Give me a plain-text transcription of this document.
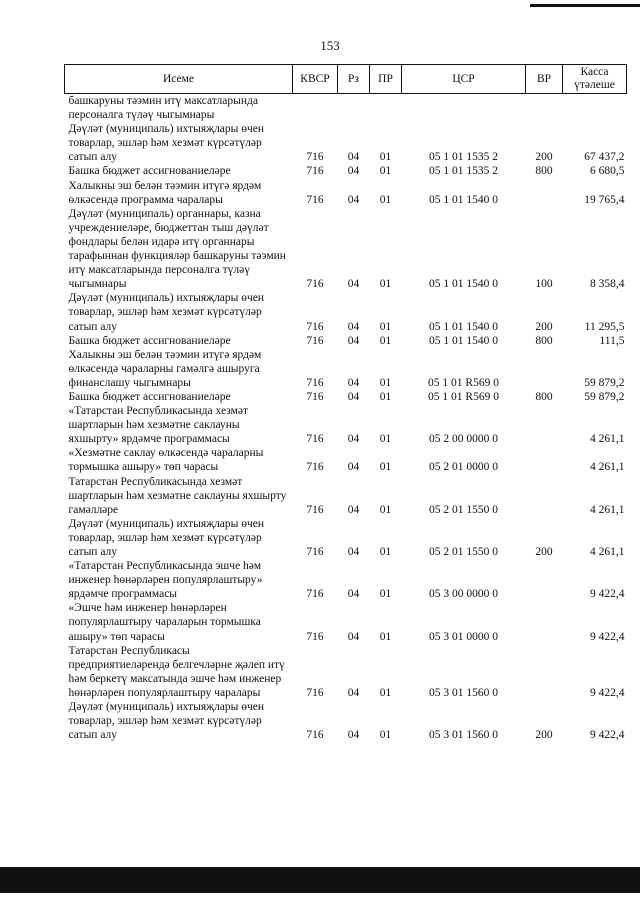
153
Исеме	КВСР	Рз	ПР	ЦСР	ВР	Касса үтәлеше
башкаруны тәэмин итү максатларында персоналга түләү чыгымнары						
Дәүләт (муниципаль) ихтыяҗлары өчен товарлар, эшләр һәм хезмәт күрсәтүләр сатып алу	716	04	01	05 1 01 1535 2	200	67 437,2
Башка бюджет ассигнованиеләре	716	04	01	05 1 01 1535 2	800	6 680,5
Халыкны эш белән тәэмин итүгә ярдәм өлкәсендә программа чаралары	716	04	01	05 1 01 1540 0		19 765,4
Дәүләт (муниципаль) органнары, казна учреждениеләре, бюджеттан тыш дәүләт фондлары белән идарә итү органнары тарафыннан функцияләр башкаруны тәэмин итү максатларында персоналга түләү чыгымнары	716	04	01	05 1 01 1540 0	100	8 358,4
Дәүләт (муниципаль) ихтыяҗлары өчен товарлар, эшләр һәм хезмәт күрсәтүләр сатып алу	716	04	01	05 1 01 1540 0	200	11 295,5
Башка бюджет ассигнованиеләре	716	04	01	05 1 01 1540 0	800	111,5
Халыкны эш белән тәэмин итүгә ярдәм өлкәсендә чараларны гамәлгә ашыруга финанслашу чыгымнары	716	04	01	05 1 01 R569 0		59 879,2
Башка бюджет ассигнованиеләре	716	04	01	05 1 01 R569 0	800	59 879,2
«Татарстан Республикасында хезмәт шартларын һәм хезмәтне саклауны яхшырту» ярдәмче программасы	716	04	01	05 2 00 0000 0		4 261,1
«Хезмәтне саклау өлкәсендә чараларны тормышка ашыру» төп чарасы	716	04	01	05 2 01 0000 0		4 261,1
Татарстан Республикасында хезмәт шартларын һәм хезмәтне саклауны яхшырту гамәлләре	716	04	01	05 2 01 1550 0		4 261,1
Дәүләт (муниципаль) ихтыяҗлары өчен товарлар, эшләр һәм хезмәт күрсәтүләр сатып алу	716	04	01	05 2 01 1550 0	200	4 261,1
«Татарстан Республикасында эшче һәм инженер һөнәрләрен популярлаштыру» ярдәмче программасы	716	04	01	05 3 00 0000 0		9 422,4
«Эшче һәм инженер һөнәрләрен популярлаштыру чараларын тормышка ашыру» төп чарасы	716	04	01	05 3 01 0000 0		9 422,4
Татарстан Республикасы предприятиеләрендә белгечләрне җәлеп итү һәм беркетү максатында эшче һәм инженер һөнәрләрен популярлаштыру чаралары	716	04	01	05 3 01 1560 0		9 422,4
Дәүләт (муниципаль) ихтыяҗлары өчен товарлар, эшләр һәм хезмәт күрсәтүләр сатып алу	716	04	01	05 3 01 1560 0	200	9 422,4
